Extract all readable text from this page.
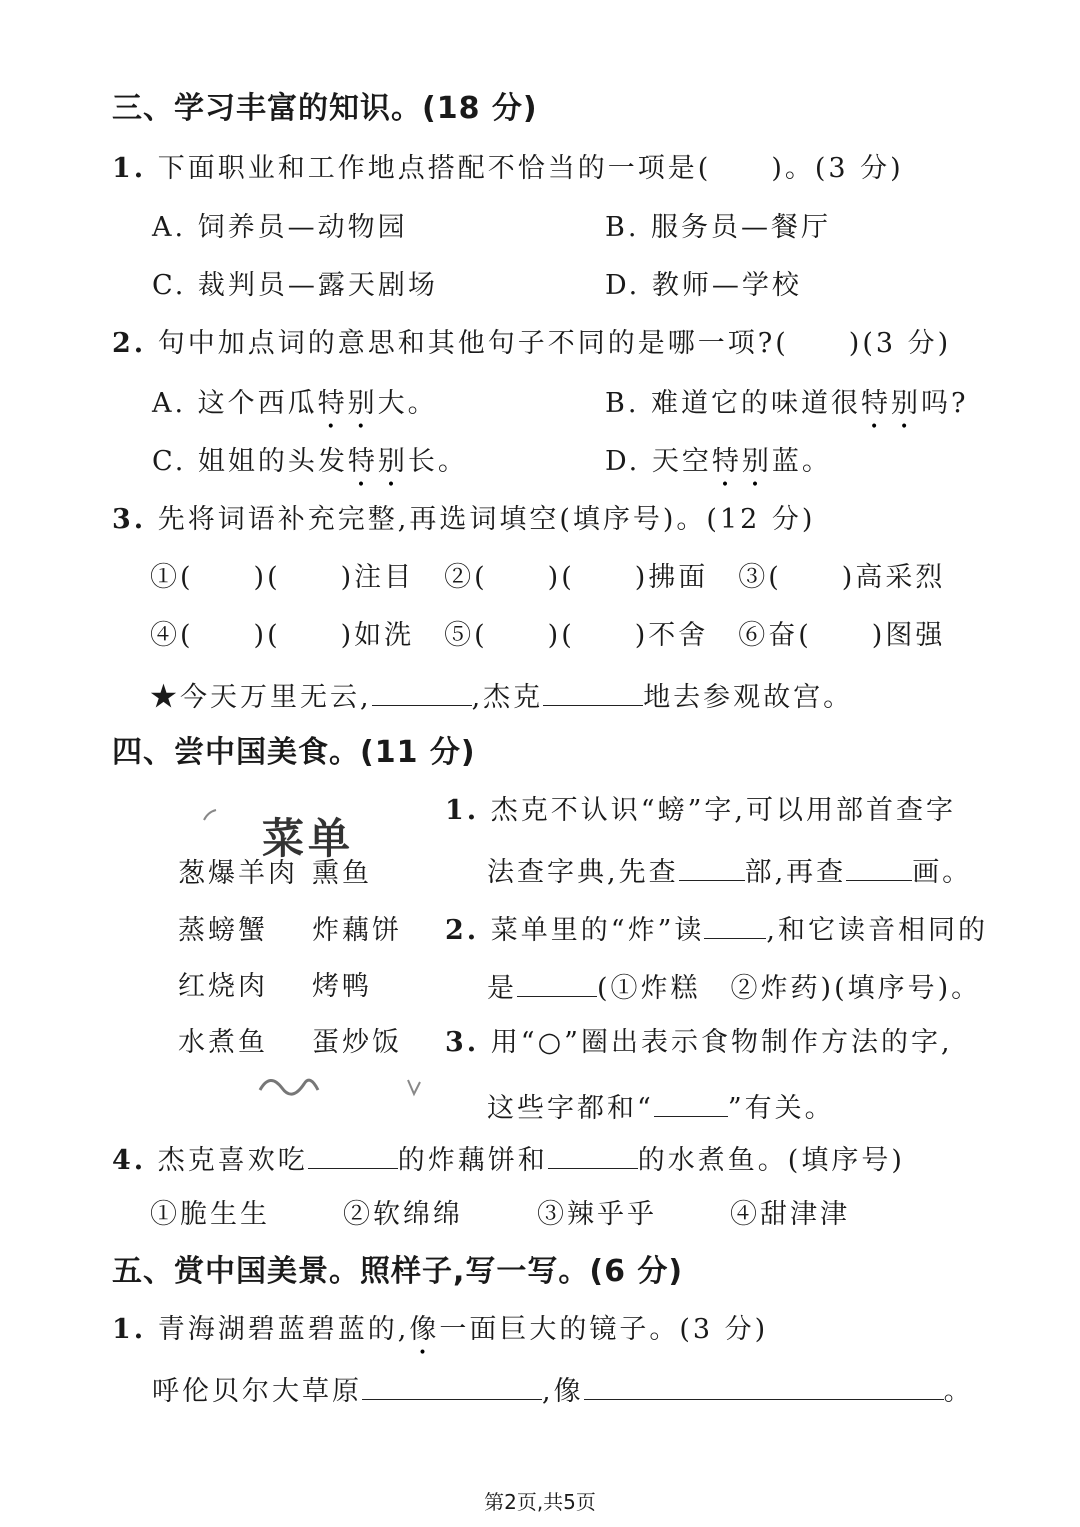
三、学习丰富的知识。(18 分)
1. 下面职业和工作地点搭配不恰当的一项是(　　)。(3 分)
A. 饲养员—动物园	B. 服务员—餐厅
C. 裁判员—露天剧场	D. 教师—学校
2. 句中加点词的意思和其他句子不同的是哪一项?(　　)(3 分)
A. 这个西瓜特别大。	B. 难道它的味道很特别吗?
C. 姐姐的头发特别长。	D. 天空特别蓝。
3. 先将词语补充完整,再选词填空(填序号)。(12 分)
①(　　)(　　)注目　②(　　)(　　)拂面　③(　　)高采烈
④(　　)(　　)如洗　⑤(　　)(　　)不舍　⑥奋(　　)图强
★今天万里无云,	,杰克	地去参观故宫。
四、尝中国美食。(11 分)
菜单
葱爆羊肉 熏鱼
蒸螃蟹 炸藕饼
红烧肉 烤鸭
水煮鱼 蛋炒饭
1. 杰克不认识“螃”字,可以用部首查字
法查字典,先查 部,再查 画。
2. 菜单里的“炸”读 ,和它读音相同的
是	(①炸糕　②炸药)(填序号)。
3. 用“○”圈出表示食物制作方法的字,
这些字都和“	”有关。
4. 杰克喜欢吃	的炸藕饼和	的水煮鱼。(填序号)
①脆生生	②软绵绵	③辣乎乎	④甜津津
五、赏中国美景。照样子,写一写。(6 分)
1. 青海湖碧蓝碧蓝的,像一面巨大的镜子。(3 分)
呼伦贝尔大草原	,像	。
第2页,共5页
